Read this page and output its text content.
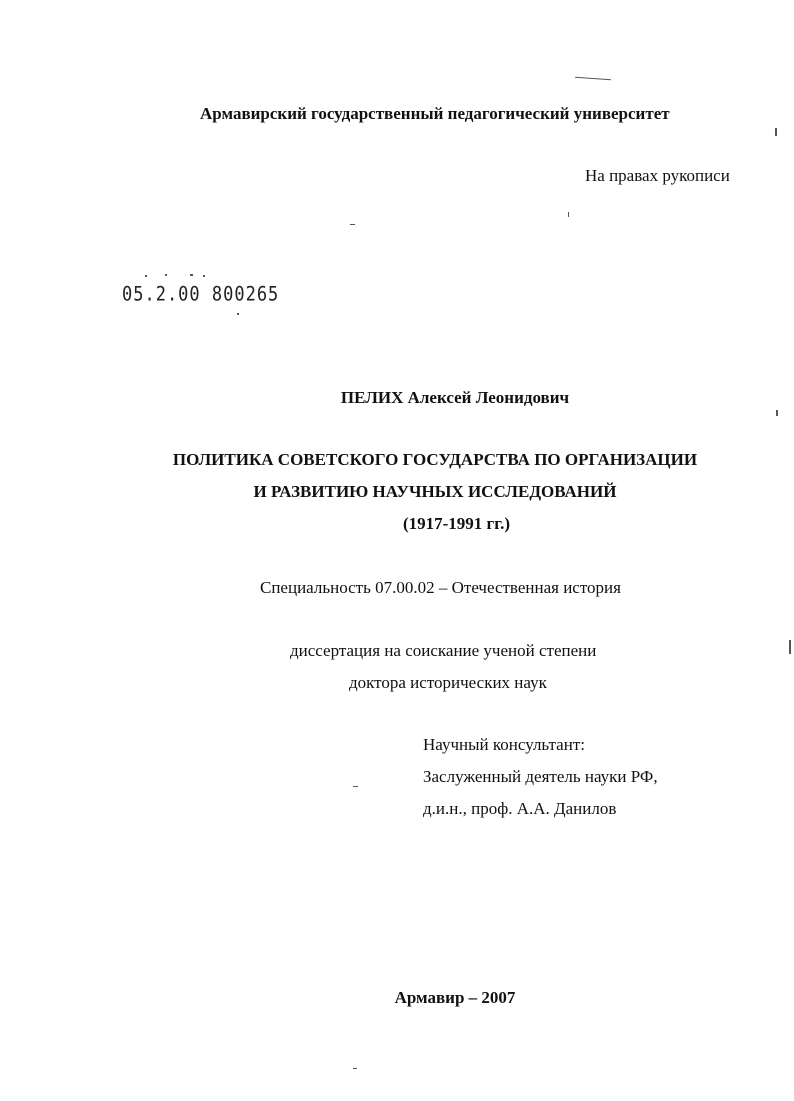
Армавирский государственный педагогический университет
На правах рукописи
05.2.00 800265
ПЕЛИХ Алексей Леонидович
ПОЛИТИКА СОВЕТСКОГО ГОСУДАРСТВА ПО ОРГАНИЗАЦИИ
И РАЗВИТИЮ НАУЧНЫХ ИССЛЕДОВАНИЙ
(1917-1991 гг.)
Специальность 07.00.02 – Отечественная история
диссертация на соискание ученой степени
доктора исторических наук
Научный консультант:
Заслуженный деятель науки РФ,
д.и.н., проф. А.А. Данилов
Армавир – 2007
